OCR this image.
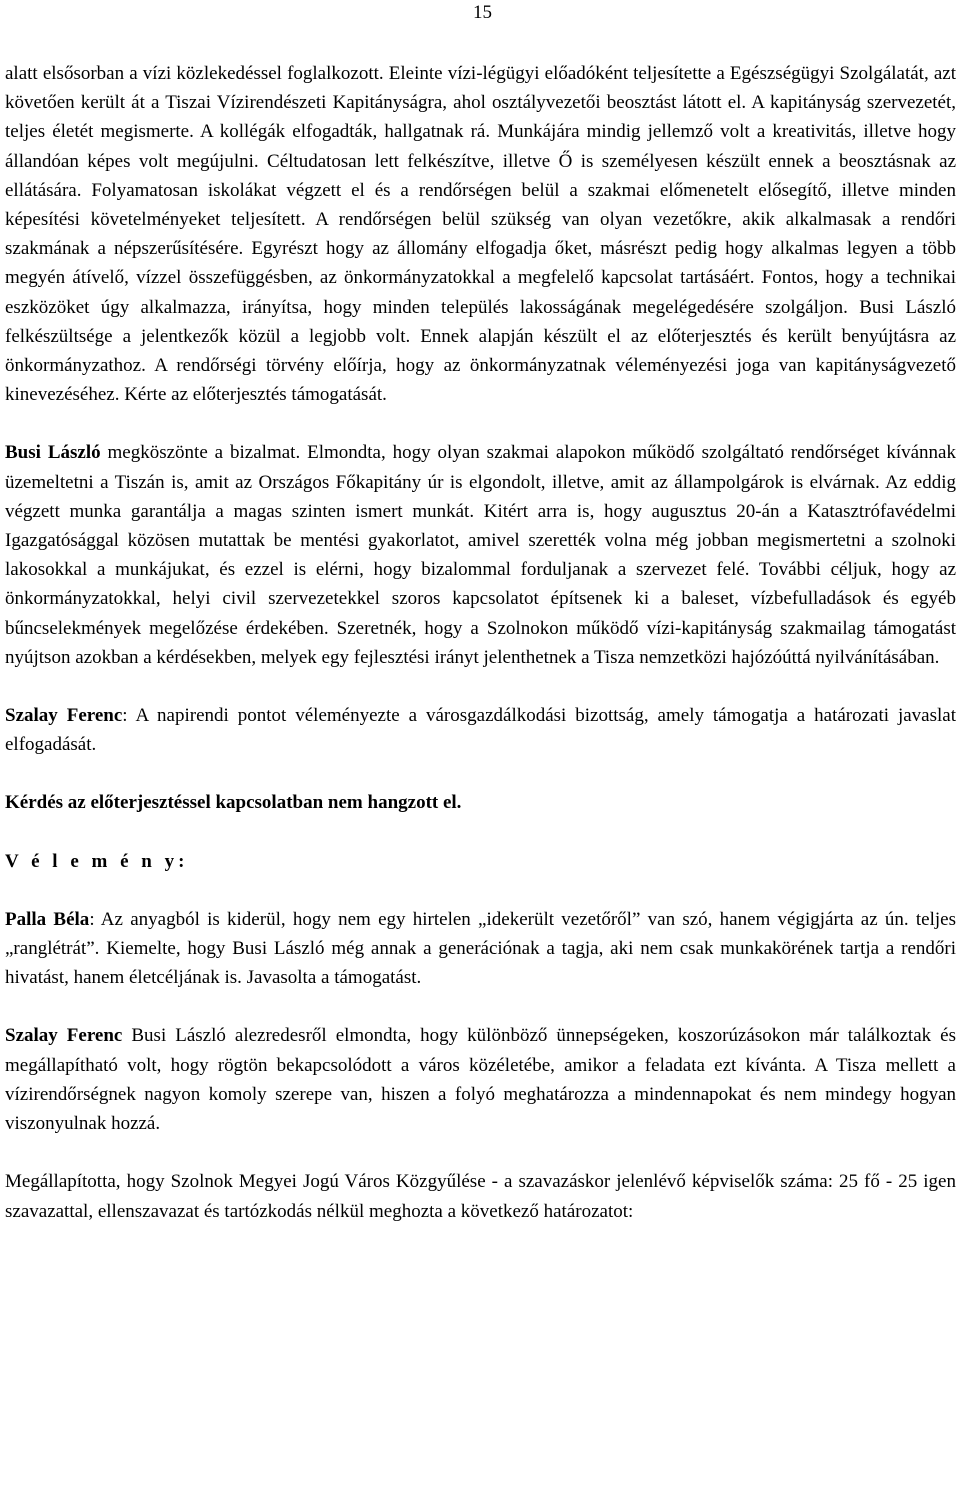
15

alatt elsősorban a vízi közlekedéssel foglalkozott. Eleinte vízi-légügyi előadóként teljesítette a Egészségügyi Szolgálatát, azt követően került át a Tiszai Vízirendészeti Kapitányságra, ahol osztályvezetői beosztást látott el. A kapitányság szervezetét, teljes életét megismerte. A kollégák elfogadták, hallgatnak rá. Munkájára mindig jellemző volt a kreativitás, illetve hogy állandóan képes volt megújulni. Céltudatosan lett felkészítve, illetve Ő is személyesen készült ennek a beosztásnak az ellátására. Folyamatosan iskolákat végzett el és a rendőrségen belül a szakmai előmenetelt elősegítő, illetve minden képesítési követelményeket teljesített. A rendőrségen belül szükség van olyan vezetőkre, akik alkalmasak a rendőri szakmának a népszerűsítésére. Egyrészt hogy az állomány elfogadja őket, másrészt pedig hogy alkalmas legyen a több megyén átívelő, vízzel összefüggésben, az önkormányzatokkal a megfelelő kapcsolat tartásáért. Fontos, hogy a technikai eszközöket úgy alkalmazza, irányítsa, hogy minden település lakosságának megelégedésére szolgáljon. Busi László felkészültsége a jelentkezők közül a legjobb volt. Ennek alapján készült el az előterjesztés és került benyújtásra az önkormányzathoz. A rendőrségi törvény előírja, hogy az önkormányzatnak véleményezési joga van kapitányságvezető kinevezéséhez. Kérte az előterjesztés támogatását.

Busi László megköszönte a bizalmat. Elmondta, hogy olyan szakmai alapokon működő szolgáltató rendőrséget kívánnak üzemeltetni a Tiszán is, amit az Országos Főkapitány úr is elgondolt, illetve, amit az állampolgárok is elvárnak. Az eddig végzett munka garantálja a magas szinten ismert munkát. Kitért arra is, hogy augusztus 20-án a Katasztrófavédelmi Igazgatósággal közösen mutattak be mentési gyakorlatot, amivel szerették volna még jobban megismertetni a szolnoki lakosokkal a munkájukat, és ezzel is elérni, hogy bizalommal forduljanak a szervezet felé. További céljuk, hogy az önkormányzatokkal, helyi civil szervezetekkel szoros kapcsolatot építsenek ki a baleset, vízbefulladások és egyéb bűncselekmények megelőzése érdekében. Szeretnék, hogy a Szolnokon működő vízi-kapitányság szakmailag támogatást nyújtson azokban a kérdésekben, melyek egy fejlesztési irányt jelenthetnek a Tisza nemzetközi hajózóúttá nyilvánításában.

Szalay Ferenc: A napirendi pontot véleményezte a városgazdálkodási bizottság, amely támogatja a határozati javaslat elfogadását.

Kérdés az előterjesztéssel kapcsolatban nem hangzott el.

V é l e m é n y:

Palla Béla: Az anyagból is kiderül, hogy nem egy hirtelen „idekerült vezetőről” van szó, hanem végigjárta az ún. teljes „ranglétrát”. Kiemelte, hogy Busi László még annak a generációnak a tagja, aki nem csak munkakörének tartja a rendőri hivatást, hanem életcéljának is. Javasolta a támogatást.

Szalay Ferenc Busi László alezredesről elmondta, hogy különböző ünnepségeken, koszorúzásokon már találkoztak és megállapítható volt, hogy rögtön bekapcsolódott a város közéletébe, amikor a feladata ezt kívánta. A Tisza mellett a vízirendőrségnek nagyon komoly szerepe van, hiszen a folyó meghatározza a mindennapokat és nem mindegy hogyan viszonyulnak hozzá.

Megállapította, hogy Szolnok Megyei Jogú Város Közgyűlése - a szavazáskor jelenlévő képviselők száma: 25 fő - 25 igen szavazattal, ellenszavazat és tartózkodás nélkül meghozta a következő határozatot:
